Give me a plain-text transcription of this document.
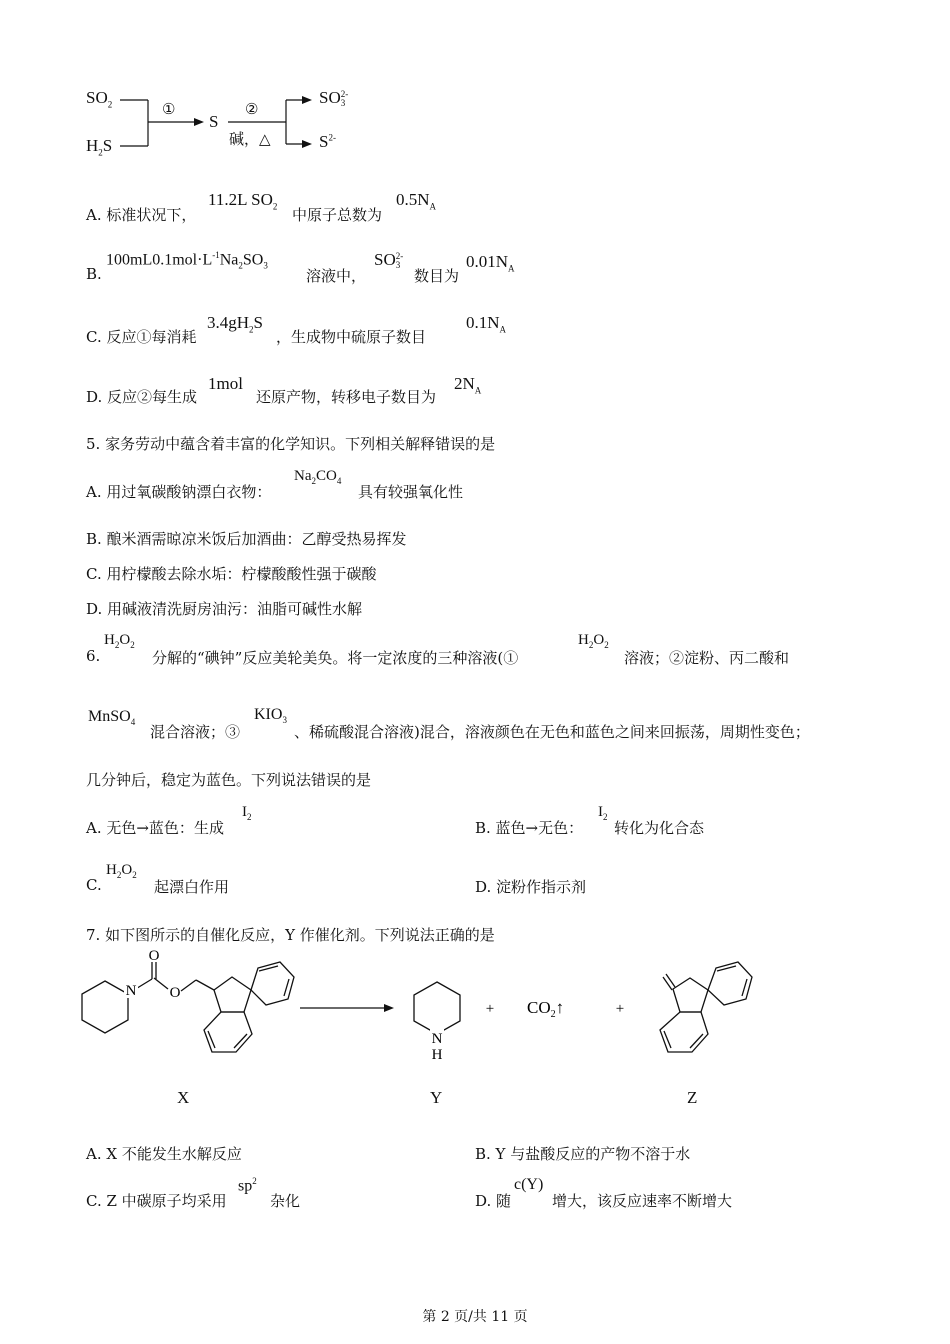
$SO_2$
$H_2S$
①
S
②
碱，△
SO 2-
3
$S^{2-}$
A. 标准状况下，
11.2L $SO_2$ 中原子总数为
$0.5N_A$
B.
$100mL0.1mol\cdot L^{-1}Na_2SO_3$
溶液中，
SO 2-
3
数目为
$0.01N_A$
C. 反应①每消耗
$3.4gH_2S$
，生成物中硫原子数目
$0.1N_A$
D. 反应②每生成
1mol
还原产物，转移电子数目为
$2N_A$
5. 家务劳动中蕴含着丰富的化学知识。下列相关解释错误的是
A. 用过氧碳酸钠漂白衣物：
$Na_2CO_4$
具有较强氧化性
B. 酿米酒需晾凉米饭后加酒曲：乙醇受热易挥发
C. 用柠檬酸去除水垢：柠檬酸酸性强于碳酸
D. 用碱液清洗厨房油污：油脂可碱性水解
6.
$H_2O_2$
分解的“碘钟”反应美轮美奂。将一定浓度的三种溶液(①
$H_2O_2$
溶液；②淀粉、丙二酸和
MnSO$_4$
混合溶液；③
$KIO_3$
、稀硫酸混合溶液)混合，溶液颜色在无色和蓝色之间来回振荡，周期性变色；
几分钟后，稳定为蓝色。下列说法错误的是
A. 无色→蓝色：生成
$I_2$
B. 蓝色→无色：
$I_2$
转化为化合态
C.
$H_2O_2$
起漂白作用	D. 淀粉作指示剂
7. 如下图所示的自催化反应，Y 作催化剂。下列说法正确的是
N
O
O
N
H
+ $CO_2↑$	+
X	Y	Z
A. X 不能发生水解反应	B. Y 与盐酸反应的产物不溶于水
C. Z 中碳原子均采用
$sp^2$
杂化	D. 随
c(Y)
增大，该反应速率不断增大
第 2 页/共 11 页
